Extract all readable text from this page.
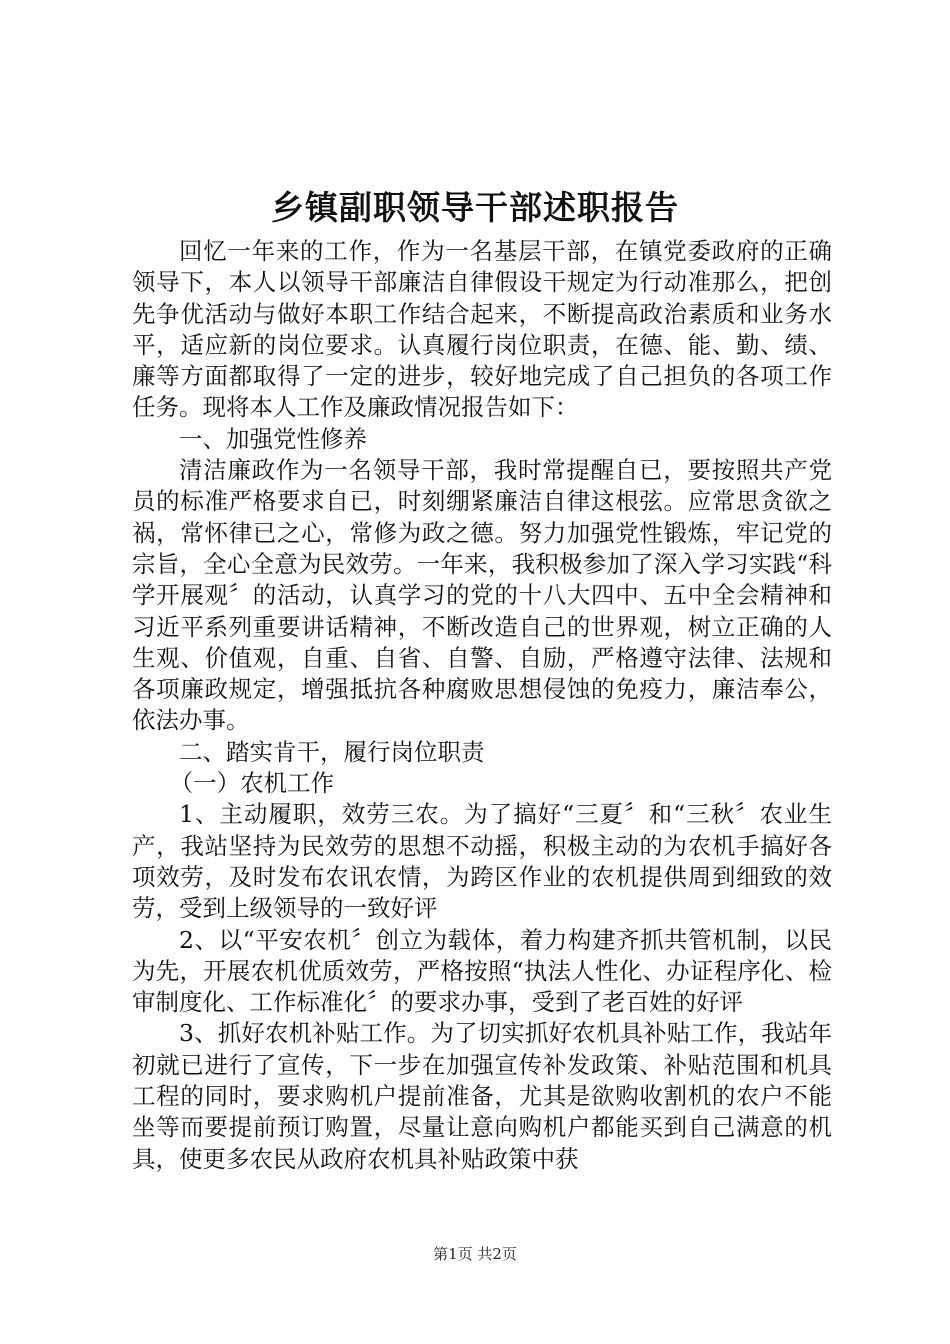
乡镇副职领导干部述职报告

回忆一年来的工作，作为一名基层干部，在镇党委政府的正确领导下，本人以领导干部廉洁自律假设干规定为行动准那么，把创先争优活动与做好本职工作结合起来，不断提高政治素质和业务水平，适应新的岗位要求。认真履行岗位职责，在德、能、勤、绩、廉等方面都取得了一定的进步，较好地完成了自己担负的各项工作任务。现将本人工作及廉政情况报告如下：

一、加强党性修养

清洁廉政作为一名领导干部，我时常提醒自已，要按照共产党员的标准严格要求自已，时刻绷紧廉洁自律这根弦。应常思贪欲之祸，常怀律已之心，常修为政之德。努力加强党性锻炼，牢记党的宗旨，全心全意为民效劳。一年来，我积极参加了深入学习实践“科学开展观〞的活动，认真学习的党的十八大四中、五中全会精神和习近平系列重要讲话精神，不断改造自己的世界观，树立正确的人生观、价值观，自重、自省、自警、自励，严格遵守法律、法规和各项廉政规定，增强抵抗各种腐败思想侵蚀的免疫力，廉洁奉公，依法办事。

二、踏实肯干，履行岗位职责

（一）农机工作

1、主动履职，效劳三农。为了搞好“三夏〞和“三秋〞农业生产，我站坚持为民效劳的思想不动摇，积极主动的为农机手搞好各项效劳，及时发布农讯农情，为跨区作业的农机提供周到细致的效劳，受到上级领导的一致好评

2、以“平安农机〞创立为载体，着力构建齐抓共管机制，以民为先，开展农机优质效劳，严格按照“执法人性化、办证程序化、检审制度化、工作标准化〞的要求办事，受到了老百姓的好评

3、抓好农机补贴工作。为了切实抓好农机具补贴工作，我站年初就已进行了宣传，下一步在加强宣传补发政策、补贴范围和机具工程的同时，要求购机户提前准备，尤其是欲购收割机的农户不能坐等而要提前预订购置，尽量让意向购机户都能买到自己满意的机具，使更多农民从政府农机具补贴政策中获

第1页 共2页
